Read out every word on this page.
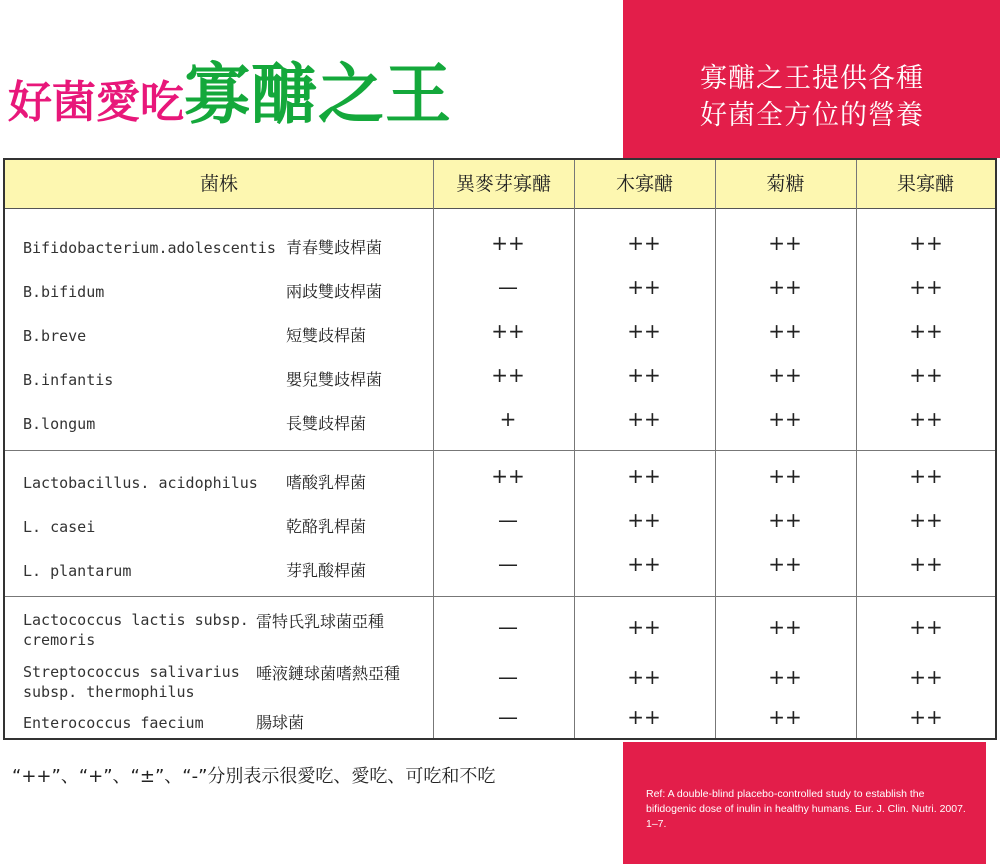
好菌愛吃寡醣之王	寡醣之王提供各種
好菌全方位的營養
菌株	異麥芽寡醣	木寡醣	菊糖	果寡醣
Bifidobacterium.adolescentis 青春雙歧桿菌	++	++	++	++
B.bifidum	兩歧雙歧桿菌	—	++	++	++
B.breve	短雙歧桿菌	++	++	++	++
B.infantis	嬰兒雙歧桿菌	++	++	++	++
B.longum	長雙歧桿菌	+	++	++	++
Lactobacillus. acidophilus 嗜酸乳桿菌	++	++	++	++
L. casei	乾酪乳桿菌	—	++	++	++
L. plantarum	芽乳酸桿菌	—	++	++	++
Lactococcus lactis subsp.
cremoris
雷特氏乳球菌亞種	—	++	++	++
Streptococcus salivarius
subsp. thermophilus
唾液鏈球菌嗜熱亞種	—	++	++	++
Enterococcus faecium	腸球菌	—	++	++	++
“++”、“+”、“±”、“-”分別表示很愛吃、愛吃、可吃和不吃
Ref: A double-blind placebo-controlled study to establish the bifidogenic dose of inulin in healthy humans. Eur. J. Clin. Nutri. 2007. 1–7.
